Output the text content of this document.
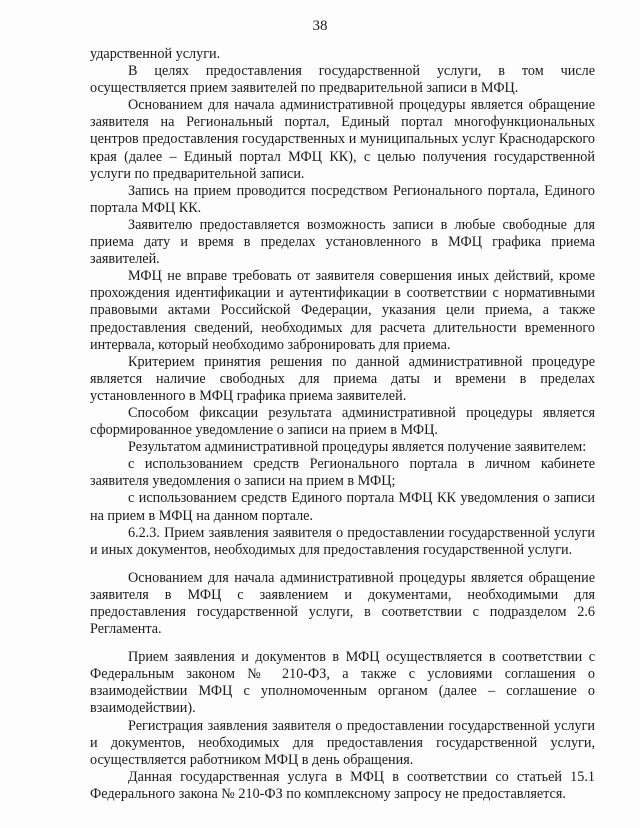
38

ударственной услуги.

В целях предоставления государственной услуги, в том числе осуществляется прием заявителей по предварительной записи в МФЦ.

Основанием для начала административной процедуры является обращение заявителя на Региональный портал, Единый портал многофункциональных центров предоставления государственных и муниципальных услуг Краснодарского края (далее – Единый портал МФЦ КК), с целью получения государственной услуги по предварительной записи.

Запись на прием проводится посредством Регионального портала, Единого портала МФЦ КК.

Заявителю предоставляется возможность записи в любые свободные для приема дату и время в пределах установленного в МФЦ графика приема заявителей.

МФЦ не вправе требовать от заявителя совершения иных действий, кроме прохождения идентификации и аутентификации в соответствии с нормативными правовыми актами Российской Федерации, указания цели приема, а также предоставления сведений, необходимых для расчета длительности временного интервала, который необходимо забронировать для приема.

Критерием принятия решения по данной административной процедуре является наличие свободных для приема даты и времени в пределах установленного в МФЦ графика приема заявителей.

Способом фиксации результата административной процедуры является сформированное уведомление о записи на прием в МФЦ.

Результатом административной процедуры является получение заявителем:

с использованием средств Регионального портала в личном кабинете заявителя уведомления о записи на прием в МФЦ;

с использованием средств Единого портала МФЦ КК уведомления о записи на прием в МФЦ на данном портале.

6.2.3. Прием заявления заявителя о предоставлении государственной услуги и иных документов, необходимых для предоставления государственной услуги.

Основанием для начала административной процедуры является обращение заявителя в МФЦ с заявлением и документами, необходимыми для предоставления государственной услуги, в соответствии с подразделом 2.6 Регламента.

Прием заявления и документов в МФЦ осуществляется в соответствии с Федеральным законом № 210-ФЗ, а также с условиями соглашения о взаимодействии МФЦ с уполномоченным органом (далее – соглашение о взаимодействии).

Регистрация заявления заявителя о предоставлении государственной услуги и документов, необходимых для предоставления государственной услуги, осуществляется работником МФЦ в день обращения.

Данная государственная услуга в МФЦ в соответствии со статьей 15.1 Федерального закона № 210-ФЗ по комплексному запросу не предоставляется.
